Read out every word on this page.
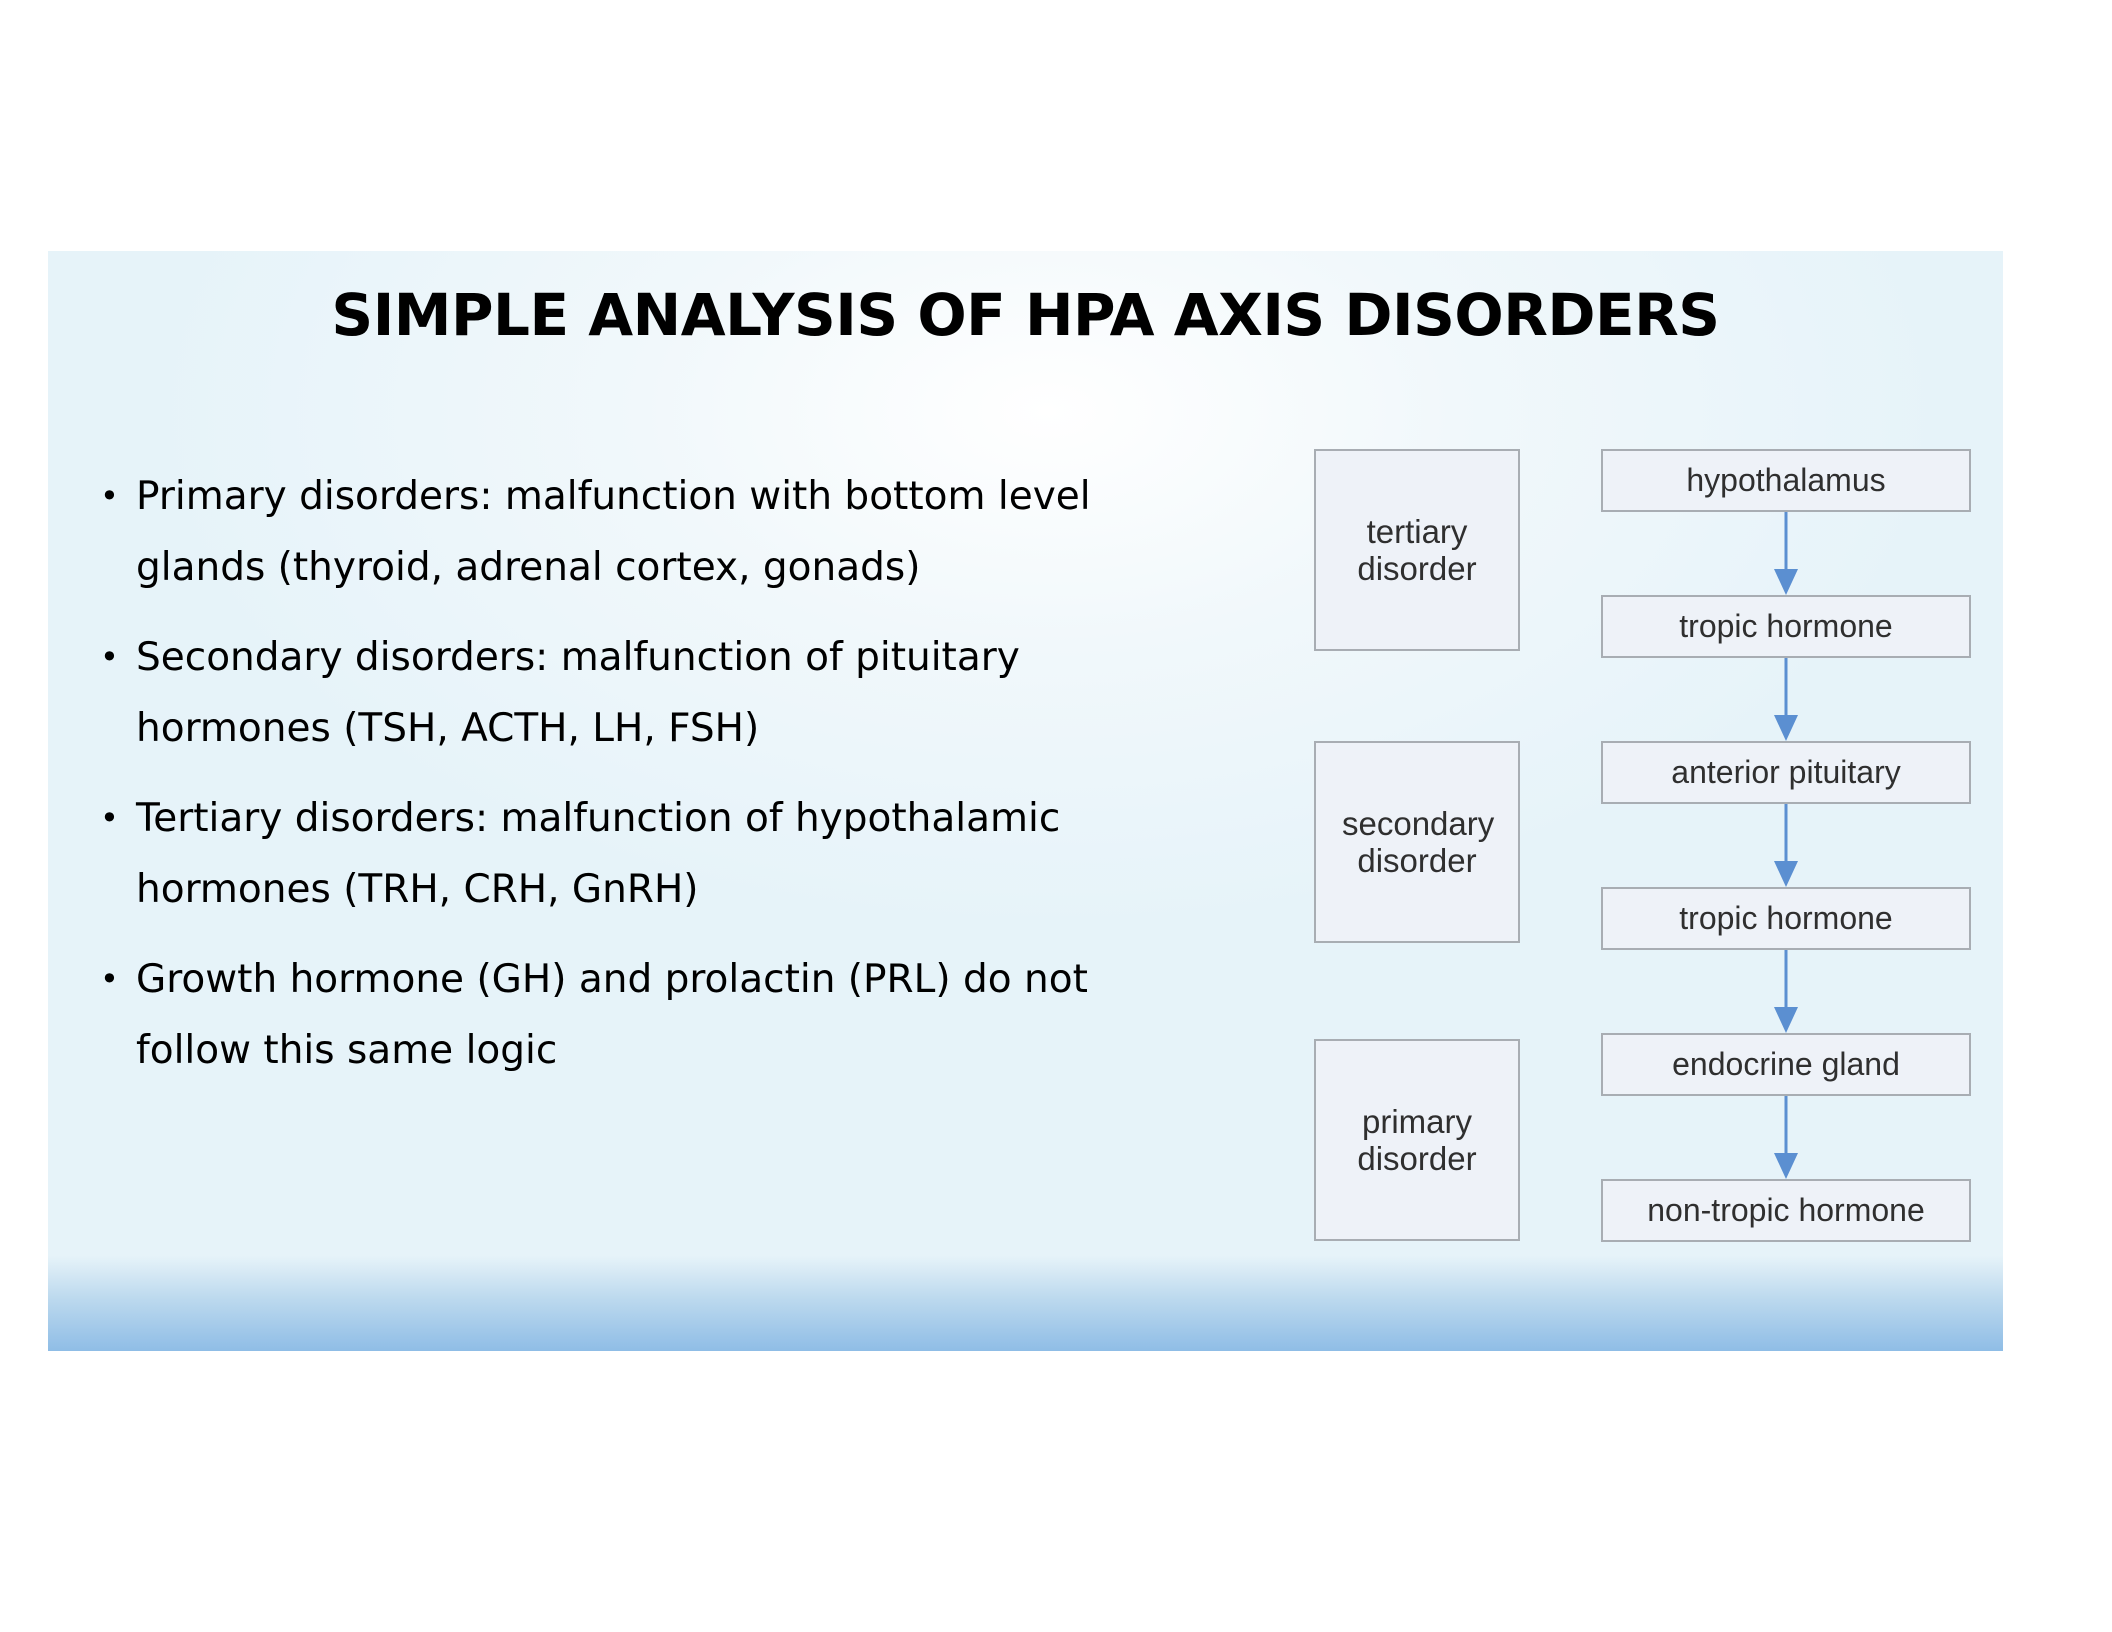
SIMPLE ANALYSIS OF HPA AXIS DISORDERS
• Primary disorders: malfunction with bottom level
glands (thyroid, adrenal cortex, gonads)
• Secondary disorders: malfunction of pituitary
hormones (TSH, ACTH, LH, FSH)
• Tertiary disorders: malfunction of hypothalamic
hormones (TRH, CRH, GnRH)
• Growth hormone (GH) and prolactin (PRL) do not
follow this same logic
tertiary disorder
secondary disorder
primary disorder
hypothalamus
tropic hormone
anterior pituitary
tropic hormone
endocrine gland
non-tropic hormone
